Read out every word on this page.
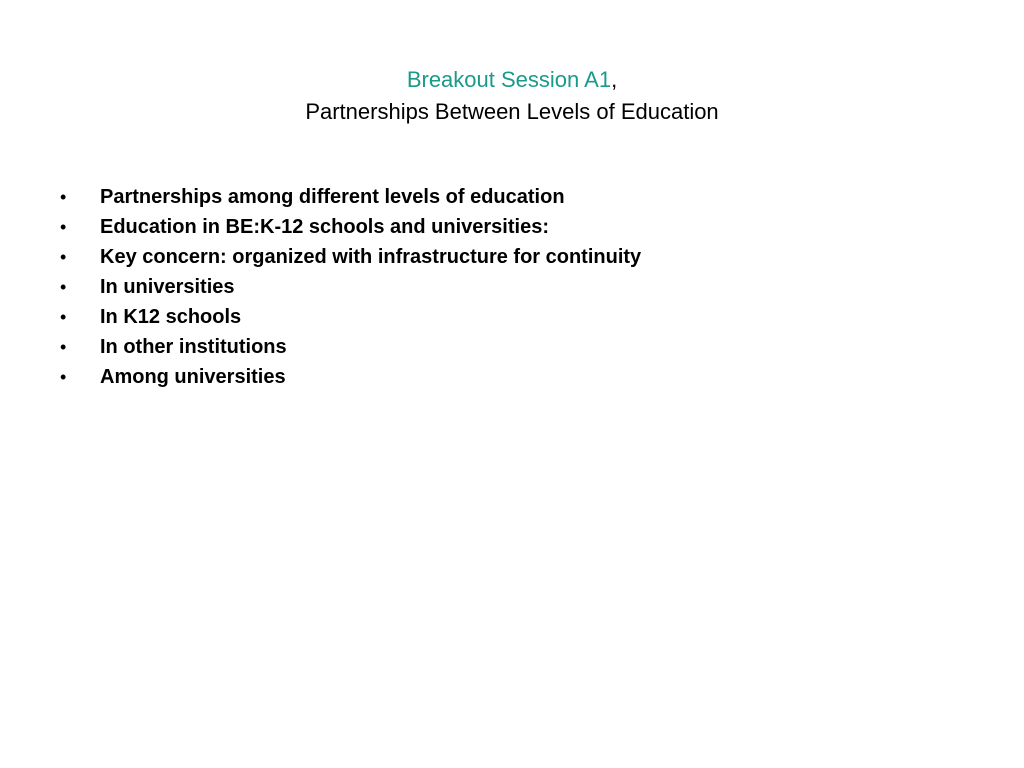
Breakout Session A1,
Partnerships Between Levels of Education
• Partnerships among different levels of education
• Education in BE:K-12 schools and universities:
• Key concern: organized with infrastructure for continuity
• In universities
• In K12 schools
• In other institutions
• Among universities
